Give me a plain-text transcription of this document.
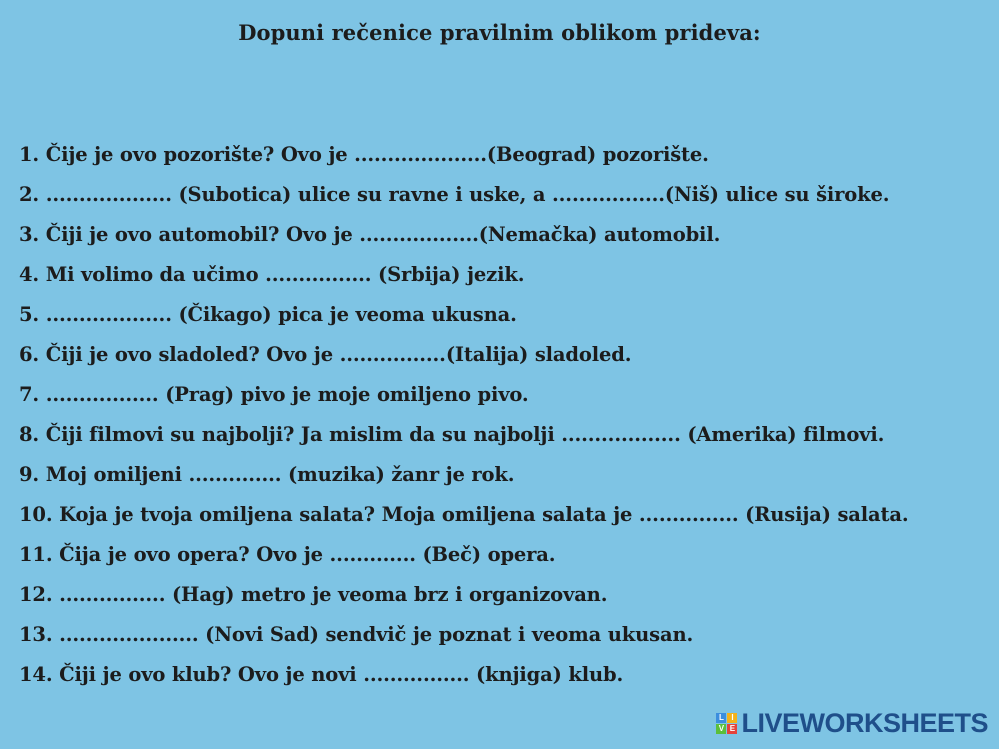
Dopuni rečenice pravilnim oblikom prideva:
1. Čije je ovo pozorište? Ovo je ....................(Beograd) pozorište.
2. ................... (Subotica) ulice su ravne i uske, a .................(Niš) ulice su široke.
3. Čiji je ovo automobil? Ovo je ..................(Nemačka) automobil.
4. Mi volimo da učimo ................ (Srbija) jezik.
5. ................... (Čikago) pica je veoma ukusna.
6. Čiji je ovo sladoled? Ovo je ................(Italija) sladoled.
7. ................. (Prag) pivo je moje omiljeno pivo.
8. Čiji filmovi su najbolji? Ja mislim da su najbolji .................. (Amerika) filmovi.
9. Moj omiljeni .............. (muzika) žanr je rok.
10. Koja je tvoja omiljena salata? Moja omiljena salata je ............... (Rusija) salata.
11. Čija je ovo opera? Ovo je ............. (Beč) opera.
12. ................ (Hag) metro je veoma brz i organizovan.
13. ..................... (Novi Sad) sendvič je poznat i veoma ukusan.
14. Čiji je ovo klub? Ovo je novi ................ (knjiga) klub.
L I
V E LIVEWORKSHEETS
